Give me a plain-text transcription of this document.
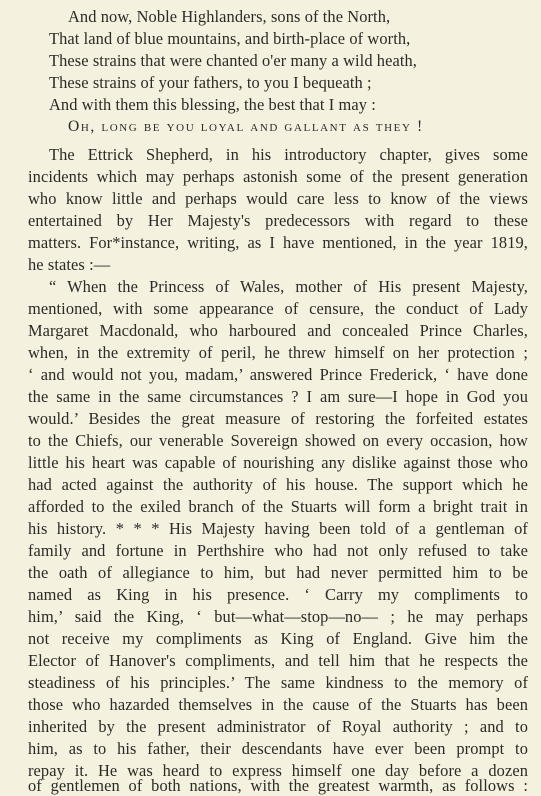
And now, Noble Highlanders, sons of the North,
That land of blue mountains, and birth-place of worth,
These strains that were chanted o'er many a wild heath,
These strains of your fathers, to you I bequeath ;
And with them this blessing, the best that I may :
Oh, long be you loyal and gallant as they !
The Ettrick Shepherd, in his introductory chapter, gives some
incidents which may perhaps astonish some of the present generation
who know little and perhaps would care less to know of the views
entertained by Her Majesty's predecessors with regard to these
matters. For*instance, writing, as I have mentioned, in the year 1819,
he states :—
“ When the Princess of Wales, mother of His present Majesty,
mentioned, with some appearance of censure, the conduct of Lady
Margaret Macdonald, who harboured and concealed Prince Charles,
when, in the extremity of peril, he threw himself on her protection ;
‘ and would not you, madam,’ answered Prince Frederick, ‘ have done
the same in the same circumstances ? I am sure—I hope in God you
would.’ Besides the great measure of restoring the forfeited estates
to the Chiefs, our venerable Sovereign showed on every occasion, how
little his heart was capable of nourishing any dislike against those who
had acted against the authority of his house. The support which he
afforded to the exiled branch of the Stuarts will form a bright trait in
his history. * * * His Majesty having been told of a gentleman of
family and fortune in Perthshire who had not only refused to take
the oath of allegiance to him, but had never permitted him to be
named as King in his presence. ‘ Carry my compliments to
him,’ said the King, ‘ but—what—stop—no— ; he may perhaps
not receive my compliments as King of England. Give him the
Elector of Hanover's compliments, and tell him that he respects the
steadiness of his principles.’ The same kindness to the memory of
those who hazarded themselves in the cause of the Stuarts has been
inherited by the present administrator of Royal authority ; and to
him, as to his father, their descendants have ever been prompt to
repay it. He was heard to express himself one day before a dozen
of gentlemen of both nations, with the greatest warmth, as follows :
